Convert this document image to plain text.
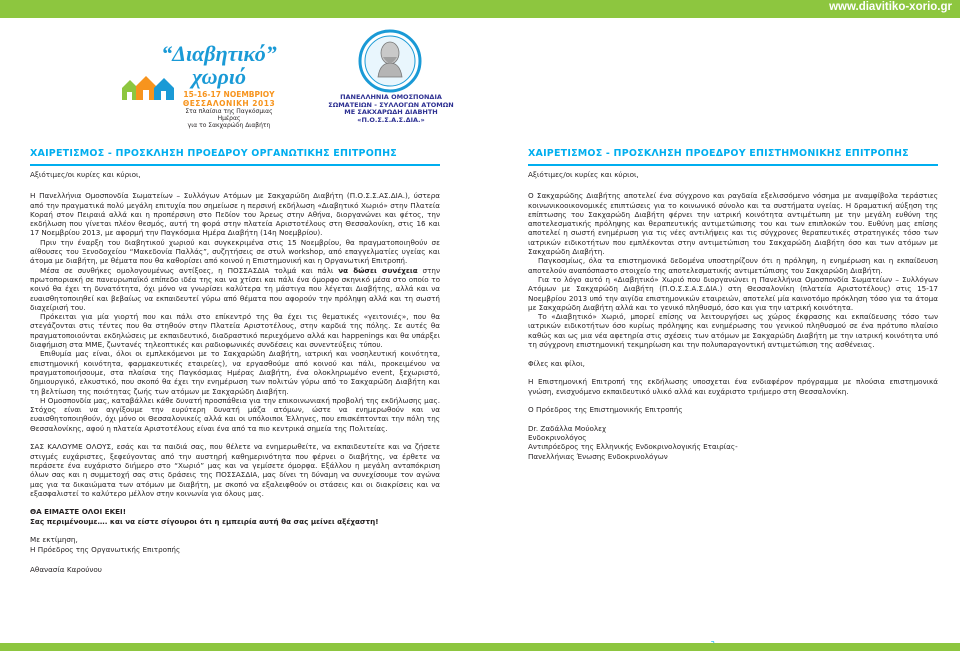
www.diavitiko-xorio.gr
“Διαβητικό”
χωριό
15-16-17 ΝΟΕΜΒΡΙΟΥ
ΘΕΣΣΑΛΟΝΙΚΗ 2013
Στα πλαίσια της Παγκόσμιας Ημέρας
για το Σακχαρώδη Διαβήτη
ΠΑΝΕΛΛΗΝΙΑ ΟΜΟΣΠΟΝΔΙΑ
ΣΩΜΑΤΕΙΩΝ - ΣΥΛΛΟΓΩΝ ΑΤΟΜΩΝ
ΜΕ ΣΑΚΧΑΡΩΔΗ ΔΙΑΒΗΤΗ
«Π.Ο.Σ.Σ.Α.Σ.ΔΙΑ.»
ΧΑΙΡΕΤΙΣΜΟΣ - ΠΡΟΣΚΛΗΣΗ ΠΡΟΕΔΡΟΥ ΟΡΓΑΝΩΤΙΚΗΣ ΕΠΙΤΡΟΠΗΣ	ΧΑΙΡΕΤΙΣΜΟΣ - ΠΡΟΣΚΛΗΣΗ ΠΡΟΕΔΡΟΥ ΕΠΙΣΤΗΜΟΝΙΚΗΣ ΕΠΙΤΡΟΠΗΣ

Αξιότιμες/οι κυρίες και κύριοι,

Η Πανελλήνια Ομοσπονδία Σωματείων – Συλλόγων Ατόμων με Σακχαρώδη Διαβήτη (Π.Ο.Σ.Σ.ΑΣ.ΔΙΑ.), ύστερα από την πραγματικά πολύ μεγάλη επιτυχία που σημείωσε η περσινή εκδήλωση «Διαβητικό Χωριό» στην Πλατεία Κοραή στον Πειραιά αλλά και η προπέρσινη στο Πεδίον του Άρεως στην Αθήνα, διοργανώνει και φέτος, την εκδήλωση που γίνεται πλέον θεσμός, αυτή τη φορά στην πλατεία Αριστοτέλους στη Θεσσαλονίκη, στις 16 και 17 Νοεμβρίου 2013, με αφορμή την Παγκόσμια Ημέρα Διαβήτη (14η Νοεμβρίου).

Πριν την έναρξη του διαβητικού χωριού και συγκεκριμένα στις 15 Νοεμβρίου, θα πραγματοποιηθούν σε αίθουσες του Ξενοδοχείου “Μακεδονία Παλλάς”, συζητήσεις σε στυλ workshop, από επαγγελματίες υγείας και άτομα με διαβήτη, με θέματα που θα καθορίσει από κοινού η Επιστημονική και η Οργανωτική Επιτροπή.

Μέσα σε συνθήκες ομολογουμένως αντίξοες, η ΠΟΣΣΑΣΔΙΑ τολμά και πάλι να δώσει συνέχεια στην πρωτοποριακή σε πανευρωπαϊκό επίπεδο ιδέα της και να χτίσει και πάλι ένα όμορφο σκηνικό μέσα στο οποίο το κοινό θα έχει τη δυνατότητα, όχι μόνο να γνωρίσει καλύτερα τη μάστιγα που λέγεται Διαβήτης, αλλά και να ευαισθητοποιηθεί και βεβαίως να εκπαιδευτεί γύρω από θέματα που αφορούν την πρόληψη αλλά και τη σωστή διαχείρισή του.

Πρόκειται για μία γιορτή που και πάλι στο επίκεντρό της θα έχει τις θεματικές «γειτονιές», που θα στεγάζονται στις τέντες που θα στηθούν στην Πλατεία Αριστοτέλους, στην καρδιά της πόλης. Σε αυτές θα πραγματοποιούνται εκδηλώσεις με εκπαιδευτικό, διαδραστικό περιεχόμενο αλλά και happenings και θα υπάρξει διαφήμιση στα ΜΜΕ, ζωντανές τηλεοπτικές και ραδιοφωνικές συνδέσεις και συνεντεύξεις τύπου.

Επιθυμία μας είναι, όλοι οι εμπλεκόμενοι με το Σακχαρώδη Διαβήτη, ιατρική και νοσηλευτική κοινότητα, επιστημονική κοινότητα, φαρμακευτικές εταιρείες), να εργασθούμε από κοινού και πάλι, προκειμένου να πραγματοποιήσουμε, στα πλαίσια της Παγκόσμιας Ημέρας Διαβήτη, ένα ολοκληρωμένο event, ξεχωριστό, δημιουργικό, ελκυστικό, που σκοπό θα έχει την ενημέρωση των πολιτών γύρω από το Σακχαρώδη Διαβήτη και τη βελτίωση της ποιότητας ζωής των ατόμων με Σακχαρώδη Διαβήτη.

Η Ομοσπονδία μας, καταβάλλει κάθε δυνατή προσπάθεια για την επικοινωνιακή προβολή της εκδήλωσης μας. Στόχος είναι να αγγίξουμε την ευρύτερη δυνατή μάζα ατόμων, ώστε να ενημερωθούν και να ευαισθητοποιηθούν, όχι μόνο οι Θεσσαλονικείς αλλά και οι υπόλοιποι Έλληνες, που επισκέπτονται την πόλη της Θεσσαλονίκης, αφού η πλατεία Αριστοτέλους είναι ένα από τα πιο κεντρικά σημεία της Πολιτείας.

ΣΑΣ ΚΑΛΟΥΜΕ ΟΛΟΥΣ, εσάς και τα παιδιά σας, που θέλετε να ενημερωθείτε, να εκπαιδευτείτε και να ζήσετε στιγμές ευχάριστες, ξεφεύγοντας από την αυστηρή καθημερινότητα που φέρνει ο διαβήτης, να έρθετε να περάσετε ένα ευχάριστο διήμερο στο “Χωριό” μας και να γεμίσετε όμορφα. Εξάλλου η μεγάλη ανταπόκριση όλων σας και η συμμετοχή σας στις δράσεις της ΠΟΣΣΑΣΔΙΑ, μας δίνει τη δύναμη να συνεχίσουμε τον αγώνα μας για τα δικαιώματα των ατόμων με διαβήτη, με σκοπό να εξαλειφθούν οι στάσεις και οι διακρίσεις και να εξασφαλιστεί το καλύτερο μέλλον στην κοινωνία για όλους μας.

ΘΑ ΕΙΜΑΣΤΕ ΟΛΟΙ ΕΚΕΙ!

Σας περιμένουμε…. και να είστε σίγουροι ότι η εμπειρία αυτή θα σας μείνει αξέχαστη!

Με εκτίμηση,

Η Πρόεδρος της Οργανωτικής Επιτροπής

Αθανασία Καρούνου

Αξιότιμες/οι κυρίες και κύριοι,

Ο Σακχαρώδης Διαβήτης αποτελεί ένα σύγχρονο και ραγδαία εξελισσόμενο νόσημα με αναμφίβολα τεράστιες κοινωνικοοικονομικές επιπτώσεις για το κοινωνικό σύνολο και τα συστήματα υγείας. Η δραματική αύξηση της επίπτωσης του Σακχαρώδη Διαβήτη φέρνει την ιατρική κοινότητα αντιμέτωπη με την μεγάλη ευθύνη της αποτελεσματικής πρόληψης και θεραπευτικής αντιμετώπισης του και των επιπλοκών του. Ευθύνη μας επίσης αποτελεί η σωστή ενημέρωση για τις νέες αντιλήψεις και τις σύγχρονες θεραπευτικές στρατηγικές τόσο των ιατρικών ειδικοτήτων που εμπλέκονται στην αντιμετώπιση του Σακχαρώδη Διαβήτη όσο και των ατόμων με Σακχαρώδη Διαβήτη.

Παγκοσμίως, όλα τα επιστημονικά δεδομένα υποστηρίζουν ότι η πρόληψη, η ενημέρωση και η εκπαίδευση αποτελούν αναπόσπαστο στοιχείο της αποτελεσματικής αντιμετώπισης του Σακχαρώδη Διαβήτη.

Για το λόγο αυτό η «Διαβητικό» Χωριό που διοργανώνει η Πανελλήνια Ομοσπονδία Σωματείων – Συλλόγων Ατόμων με Σακχαρώδη Διαβήτη (Π.Ο.Σ.Σ.Α.Σ.ΔΙΑ.) στη Θεσσαλονίκη (πλατεία Αριστοτέλους) στις 15-17 Νοεμβρίου 2013 υπό την αιγίδα επιστημονικών εταιρειών, αποτελεί μία καινοτόμο πρόκληση τόσο για τα άτομα με Σακχαρώδη Διαβήτη αλλά και το γενικό πληθυσμό, όσο και για την ιατρική κοινότητα.

Το «Διαβητικό» Χωριό, μπορεί επίσης να λειτουργήσει ως χώρος έκφρασης και εκπαίδευσης τόσο των ιατρικών ειδικοτήτων όσο κυρίως πρόληψης και ενημέρωσης του γενικού πληθυσμού σε ένα πρότυπο πλαίσιο καθώς και ως μια νέα αφετηρία στις σχέσεις των ατόμων με Σακχαρώδη Διαβήτη με την ιατρική κοινότητα υπό τη σύγχρονη επιστημονική τεκμηρίωση και την πολυπαραγοντική αντιμετώπιση της ασθένειας.

Φίλες και φίλοι,

Η Επιστημονική Επιτροπή της εκδήλωσης υποσχεται ένα ενδιαφέρον πρόγραμμα με πλούσια επιστημονικά γνώση, ενισχυόμενο εκπαιδευτικό υλικό αλλά και ευχάριστο τριήμερο στη Θεσσαλονίκη.

Ο Πρόεδρος της Επιστημονικής Επιτροπής

Dr. Ζαδάλλα Μούολεχ

Ενδοκρινολόγος

Αντιπρόεδρος της Ελληνικής Ενδοκρινολογικής Εταιρίας-

Πανελλήνιας Ένωσης Ενδοκρινολόγων
